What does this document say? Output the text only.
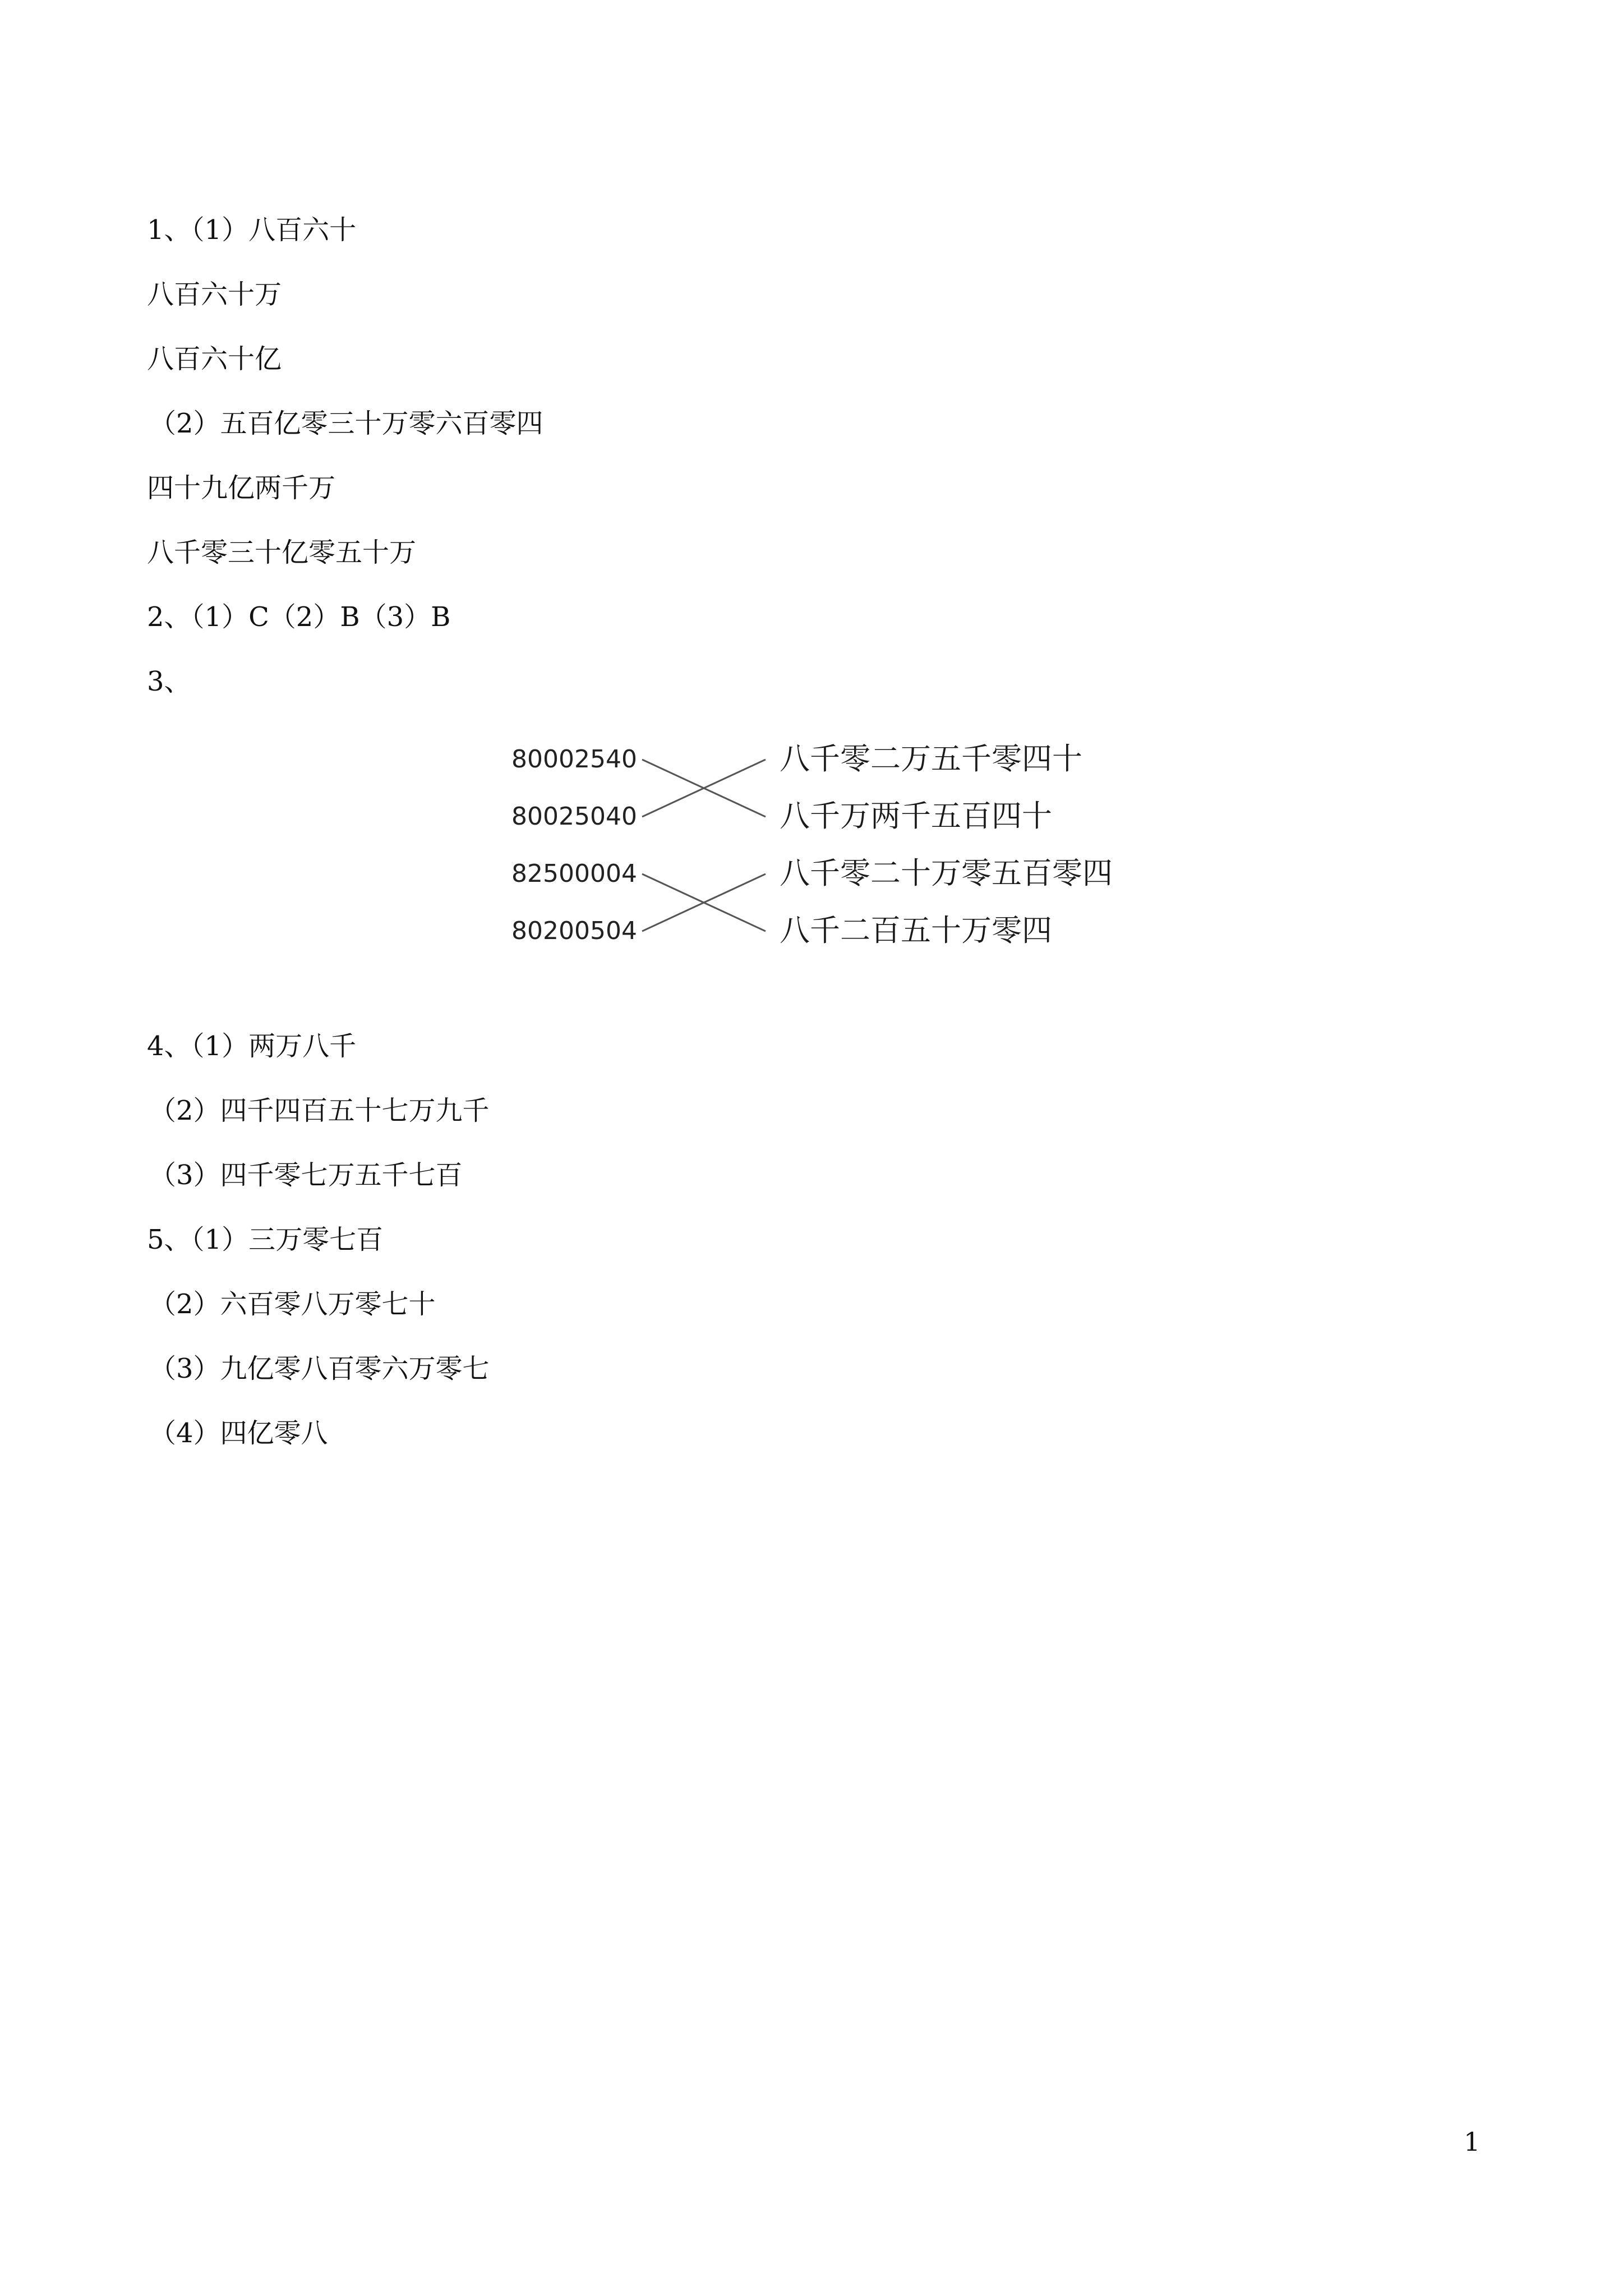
1、（1）八百六十
八百六十万
八百六十亿
（2）五百亿零三十万零六百零四
四十九亿两千万
八千零三十亿零五十万
2、（1）C（2）B（3）B
3、
80002540
80025040
82500004
80200504
八千零二万五千零四十
八千万两千五百四十
八千零二十万零五百零四
八千二百五十万零四
4、（1）两万八千
（2）四千四百五十七万九千
（3）四千零七万五千七百
5、（1）三万零七百
（2）六百零八万零七十
（3）九亿零八百零六万零七
（4）四亿零八
1
